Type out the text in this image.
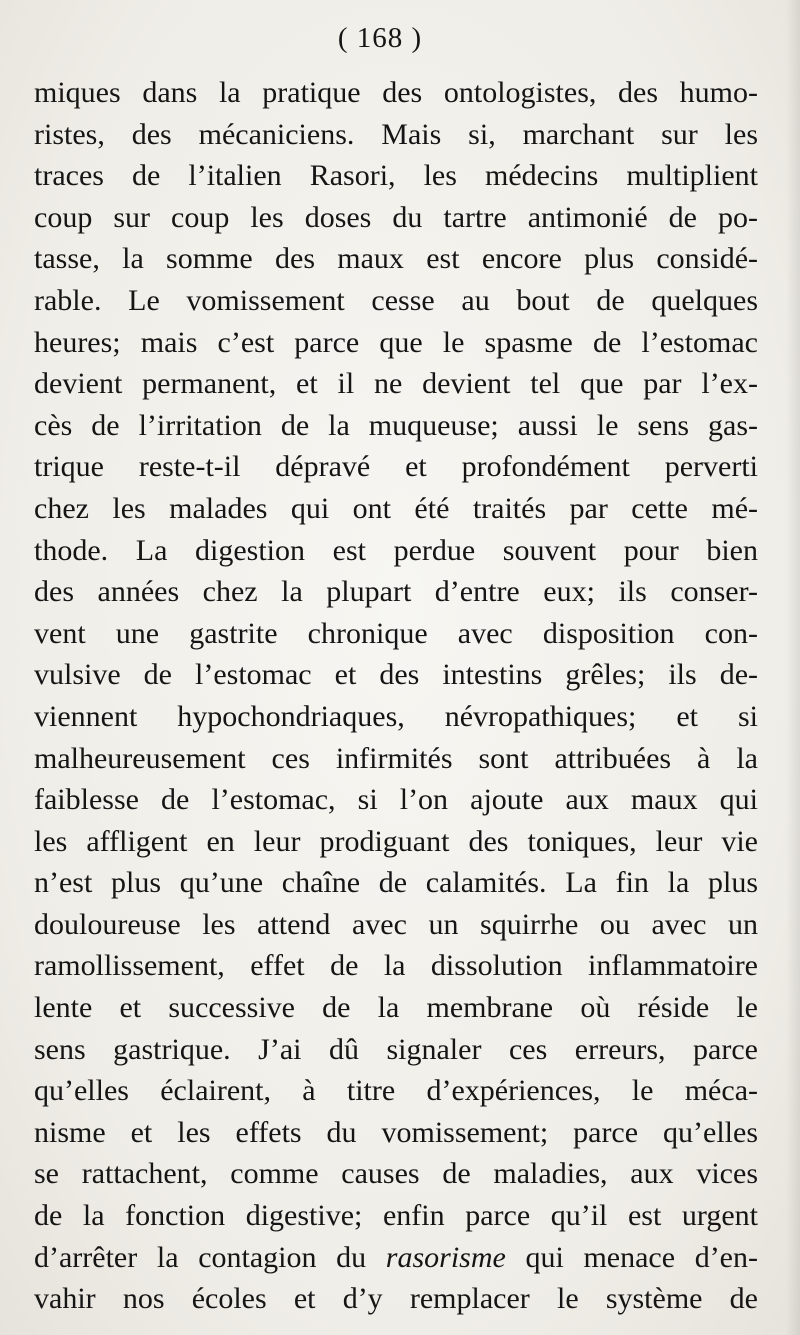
( 168 )
miques dans la pratique des ontologistes, des humo-
ristes, des mécaniciens. Mais si, marchant sur les
traces de l’italien Rasori, les médecins multiplient
coup sur coup les doses du tartre antimonié de po-
tasse, la somme des maux est encore plus considé-
rable. Le vomissement cesse au bout de quelques
heures; mais c’est parce que le spasme de l’estomac
devient permanent, et il ne devient tel que par l’ex-
cès de l’irritation de la muqueuse; aussi le sens gas-
trique reste-t-il dépravé et profondément perverti
chez les malades qui ont été traités par cette mé-
thode. La digestion est perdue souvent pour bien
des années chez la plupart d’entre eux; ils conser-
vent une gastrite chronique avec disposition con-
vulsive de l’estomac et des intestins grêles; ils de-
viennent hypochondriaques, névropathiques; et si
malheureusement ces infirmités sont attribuées à la
faiblesse de l’estomac, si l’on ajoute aux maux qui
les affligent en leur prodiguant des toniques, leur vie
n’est plus qu’une chaîne de calamités. La fin la plus
douloureuse les attend avec un squirrhe ou avec un
ramollissement, effet de la dissolution inflammatoire
lente et successive de la membrane où réside le
sens gastrique. J’ai dû signaler ces erreurs, parce
qu’elles éclairent, à titre d’expériences, le méca-
nisme et les effets du vomissement; parce qu’elles
se rattachent, comme causes de maladies, aux vices
de la fonction digestive; enfin parce qu’il est urgent
d’arrêter la contagion du rasorisme qui menace d’en-
vahir nos écoles et d’y remplacer le système de
